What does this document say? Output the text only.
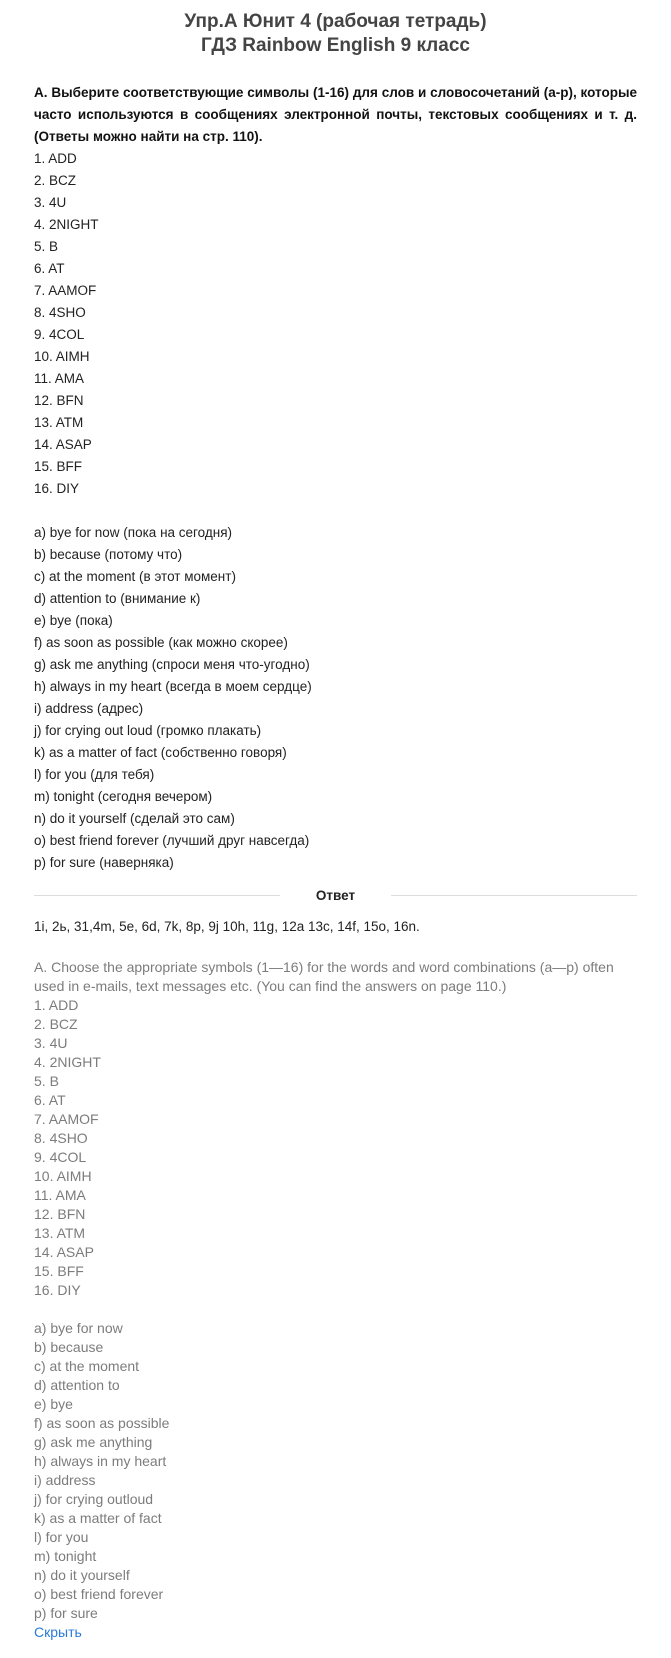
Упр.А Юнит 4 (рабочая тетрадь)
ГДЗ Rainbow English 9 класс
A. Выберите соответствующие символы (1-16) для слов и словосочетаний (a-p), которые часто используются в сообщениях электронной почты, текстовых сообщениях и т. д. (Ответы можно найти на стр. 110).
1. ADD
2. BCZ
3. 4U
4. 2NIGHT
5. B
6. AT
7. AAMOF
8. 4SHO
9. 4COL
10. AIMH
11. AMA
12. BFN
13. ATM
14. ASAP
15. BFF
16. DIY
a) bye for now (пока на сегодня)
b) because (потому что)
c) at the moment (в этот момент)
d) attention to (внимание к)
e) bye (пока)
f) as soon as possible (как можно скорее)
g) ask me anything (спроси меня что-угодно)
h) always in my heart (всегда в моем сердце)
i) address (адрес)
j) for crying out loud (громко плакать)
k) as a matter of fact (собственно говоря)
l) for you (для тебя)
m) tonight (сегодня вечером)
n) do it yourself (сделай это сам)
o) best friend forever (лучший друг навсегда)
p) for sure (наверняка)
Ответ
1i, 2ь, 31,4m, 5e, 6d, 7k, 8p, 9j 10h, 11g, 12a 13c, 14f, 15o, 16n.
A. Choose the appropriate symbols (1—16) for the words and word combinations (a—p) often used in e-mails, text messages etc. (You can find the answers on page 110.)
1. ADD
2. BCZ
3. 4U
4. 2NIGHT
5. B
6. AT
7. AAMOF
8. 4SHO
9. 4COL
10. AIMH
11. AMA
12. BFN
13. ATM
14. ASAP
15. BFF
16. DIY
a) bye for now
b) because
c) at the moment
d) attention to
e) bye
f) as soon as possible
g) ask me anything
h) always in my heart
i) address
j) for crying outloud
k) as a matter of fact
l) for you
m) tonight
n) do it yourself
o) best friend forever
p) for sure
Скрыть
